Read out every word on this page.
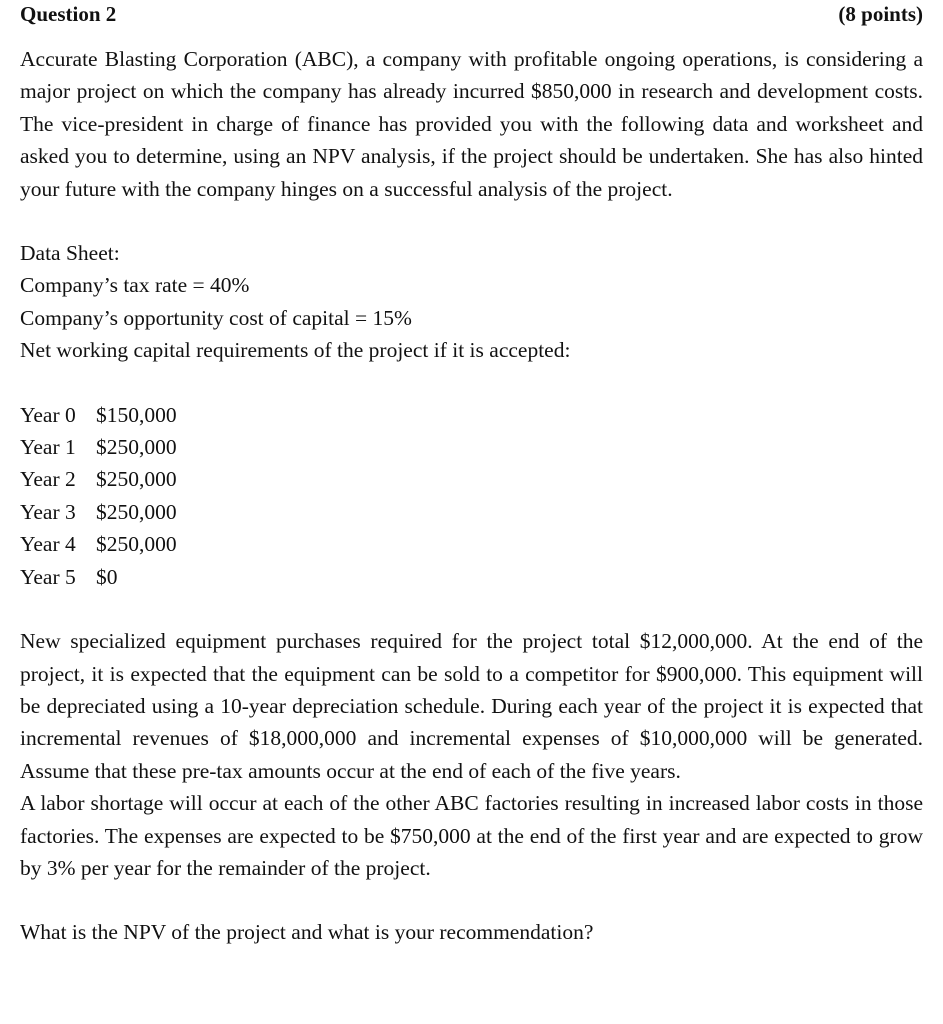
Question 2	(8 points)

Accurate Blasting Corporation (ABC), a company with profitable ongoing operations, is considering a major project on which the company has already incurred $850,000 in research and development costs. The vice-president in charge of finance has provided you with the following data and worksheet and asked you to determine, using an NPV analysis, if the project should be undertaken. She has also hinted your future with the company hinges on a successful analysis of the project.

Data Sheet:
Company’s tax rate = 40%
Company’s opportunity cost of capital = 15%
Net working capital requirements of the project if it is accepted:
Year 0 $150,000
Year 1 $250,000
Year 2 $250,000
Year 3 $250,000
Year 4 $250,000
Year 5 $0

New specialized equipment purchases required for the project total $12,000,000. At the end of the project, it is expected that the equipment can be sold to a competitor for $900,000. This equipment will be depreciated using a 10-year depreciation schedule. During each year of the project it is expected that incremental revenues of $18,000,000 and incremental expenses of $10,000,000 will be generated. Assume that these pre-tax amounts occur at the end of each of the five years.

A labor shortage will occur at each of the other ABC factories resulting in increased labor costs in those factories. The expenses are expected to be $750,000 at the end of the first year and are expected to grow by 3% per year for the remainder of the project.

What is the NPV of the project and what is your recommendation?
